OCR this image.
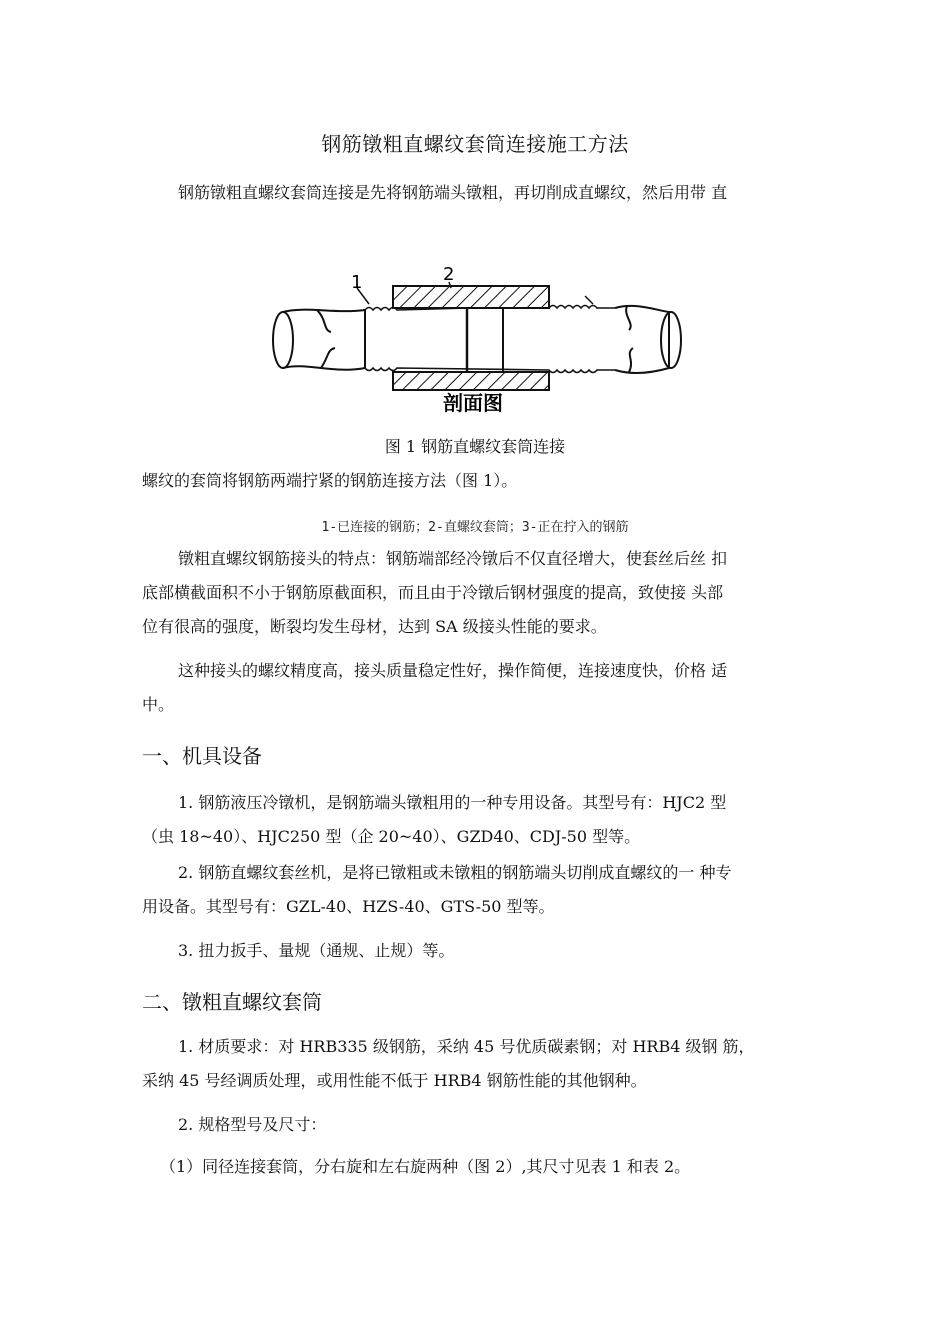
钢筋镦粗直螺纹套筒连接施工方法
钢筋镦粗直螺纹套筒连接是先将钢筋端头镦粗，再切削成直螺纹，然后用带 直
1	2
剖面图
图 1 钢筋直螺纹套筒连接
螺纹的套筒将钢筋两端拧紧的钢筋连接方法（图 1）。
1-已连接的钢筋；2-直螺纹套筒；3-正在拧入的钢筋
镦粗直螺纹钢筋接头的特点：钢筋端部经冷镦后不仅直径增大，使套丝后丝 扣
底部横截面积不小于钢筋原截面积，而且由于冷镦后钢材强度的提高，致使接 头部
位有很高的强度，断裂均发生母材，达到 SA 级接头性能的要求。
这种接头的螺纹精度高，接头质量稳定性好，操作简便，连接速度快，价格 适
中。
一、机具设备
1. 钢筋液压冷镦机，是钢筋端头镦粗用的一种专用设备。其型号有：HJC2 型
（虫 18~40）、HJC250 型（企 20~40）、GZD40、CDJ-50 型等。
2. 钢筋直螺纹套丝机，是将已镦粗或未镦粗的钢筋端头切削成直螺纹的一 种专
用设备。其型号有：GZL-40、HZS-40、GTS-50 型等。
3. 扭力扳手、量规（通规、止规）等。
二、镦粗直螺纹套筒
1. 材质要求：对 HRB335 级钢筋，采纳 45 号优质碳素钢；对 HRB4 级钢 筋，
采纳 45 号经调质处理，或用性能不低于 HRB4 钢筋性能的其他钢种。
2. 规格型号及尺寸：
（1）同径连接套筒，分右旋和左右旋两种（图 2）,其尺寸见表 1 和表 2。
